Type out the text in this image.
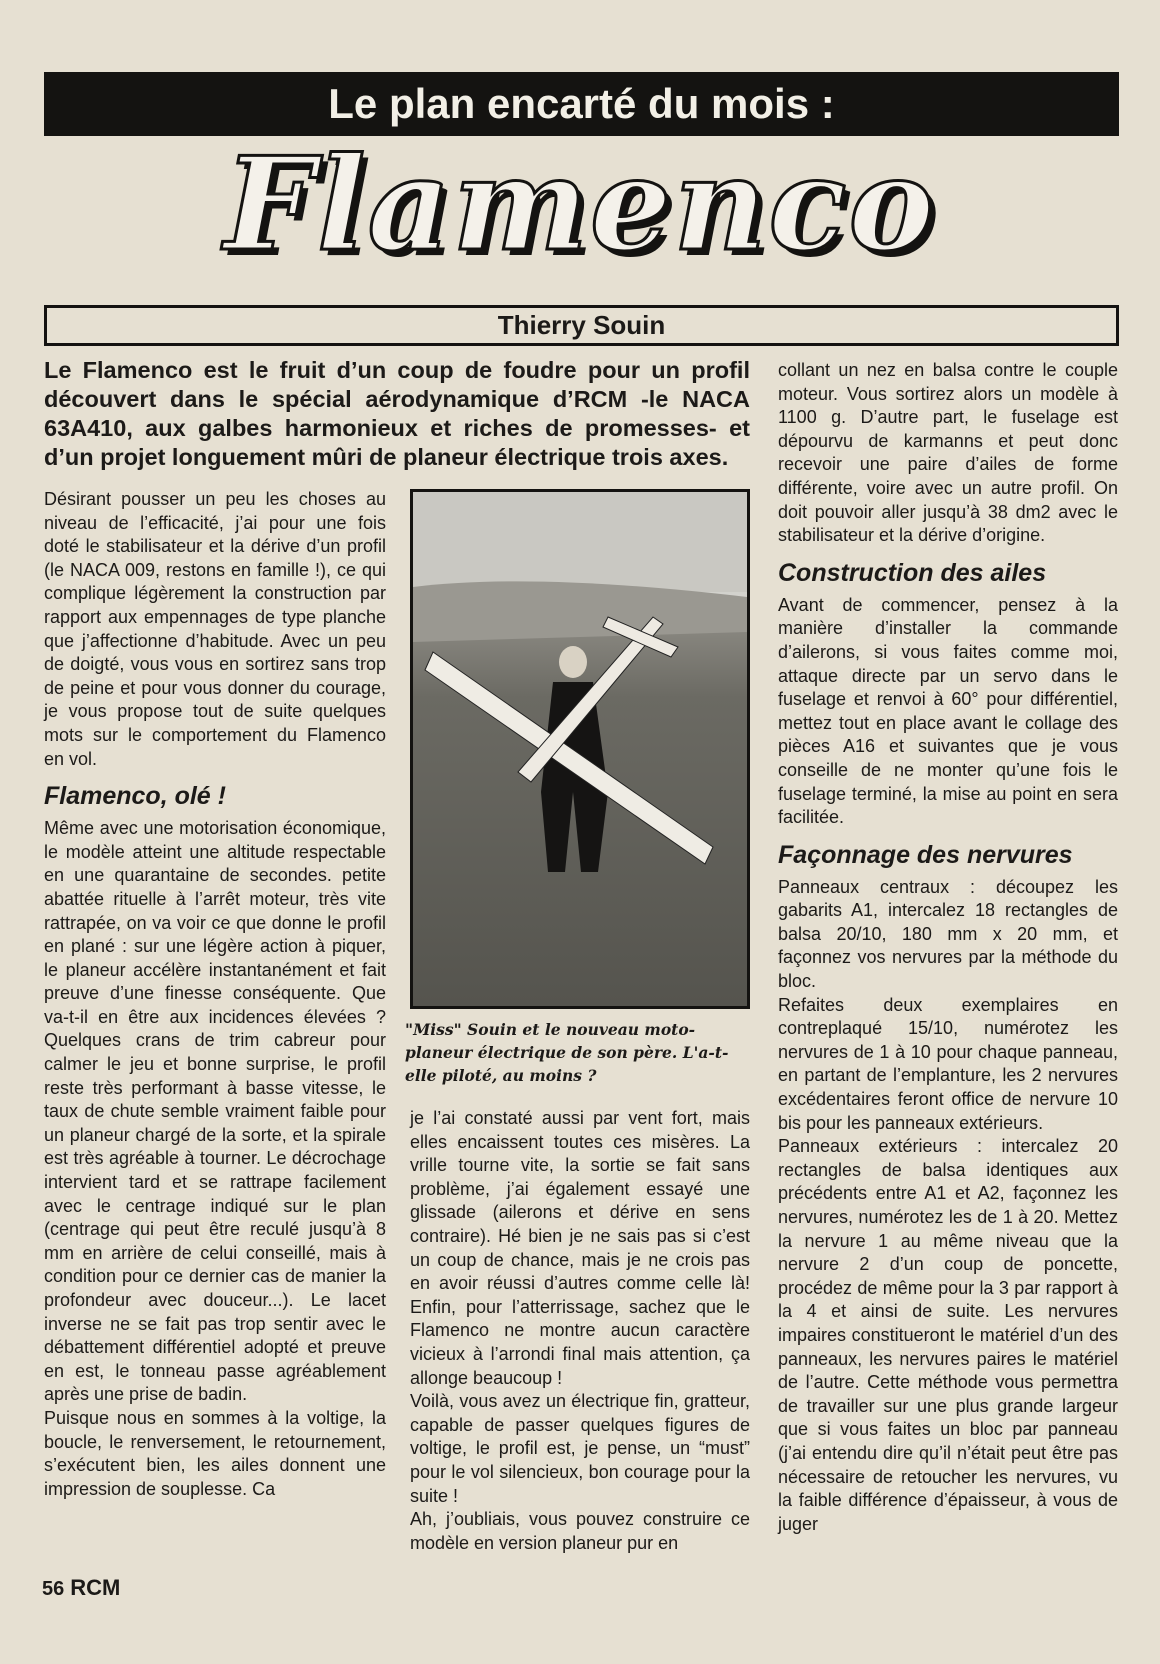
Le plan encarté du mois :
Flamenco
Thierry Souin
Le Flamenco est le fruit d’un coup de foudre pour un profil découvert dans le spécial aérodynamique d’RCM -le NACA 63A410, aux galbes harmonieux et riches de promesses- et d’un projet longuement mûri de planeur électrique trois axes.

Désirant pousser un peu les choses au niveau de l’efficacité, j’ai pour une fois doté le stabilisateur et la dérive d’un profil (le NACA 009, restons en famille !), ce qui complique légèrement la construction par rapport aux empennages de type planche que j’affectionne d’habitude. Avec un peu de doigté, vous vous en sortirez sans trop de peine et pour vous donner du courage, je vous propose tout de suite quelques mots sur le comportement du Flamenco en vol.

Flamenco, olé !

Même avec une motorisation économique, le modèle atteint une altitude respectable en une quarantaine de secondes. petite abattée rituelle à l’arrêt moteur, très vite rattrapée, on va voir ce que donne le profil en plané : sur une légère action à piquer, le planeur accélère instantanément et fait preuve d’une finesse conséquente. Que va-t-il en être aux incidences élevées ? Quelques crans de trim cabreur pour calmer le jeu et bonne surprise, le profil reste très performant à basse vitesse, le taux de chute semble vraiment faible pour un planeur chargé de la sorte, et la spirale est très agréable à tourner. Le décrochage intervient tard et se rattrape facilement avec le centrage indiqué sur le plan (centrage qui peut être reculé jusqu’à 8 mm en arrière de celui conseillé, mais à condition pour ce dernier cas de manier la profondeur avec douceur...). Le lacet inverse ne se fait pas trop sentir avec le débattement différentiel adopté et preuve en est, le tonneau passe agréablement après une prise de badin.

Puisque nous en sommes à la voltige, la boucle, le renversement, le retournement, s’exécutent bien, les ailes donnent une impression de souplesse. Ca

"Miss" Souin et le nouveau moto-planeur électrique de son père. L'a-t-elle piloté, au moins ?

je l’ai constaté aussi par vent fort, mais elles encaissent toutes ces misères. La vrille tourne vite, la sortie se fait sans problème, j’ai également essayé une glissade (ailerons et dérive en sens contraire). Hé bien je ne sais pas si c’est un coup de chance, mais je ne crois pas en avoir réussi d’autres comme celle là! Enfin, pour l’atterrissage, sachez que le Flamenco ne montre aucun caractère vicieux à l’arrondi final mais attention, ça allonge beaucoup !

Voilà, vous avez un électrique fin, gratteur, capable de passer quelques figures de voltige, le profil est, je pense, un “must” pour le vol silencieux, bon courage pour la suite !

Ah, j’oubliais, vous pouvez construire ce modèle en version planeur pur en

collant un nez en balsa contre le couple moteur. Vous sortirez alors un modèle à 1100 g. D’autre part, le fuselage est dépourvu de karmanns et peut donc recevoir une paire d’ailes de forme différente, voire avec un autre profil. On doit pouvoir aller jusqu’à 38 dm2 avec le stabilisateur et la dérive d’origine.

Construction des ailes

Avant de commencer, pensez à la manière d’installer la commande d’ailerons, si vous faites comme moi, attaque directe par un servo dans le fuselage et renvoi à 60° pour différentiel, mettez tout en place avant le collage des pièces A16 et suivantes que je vous conseille de ne monter qu’une fois le fuselage terminé, la mise au point en sera facilitée.

Façonnage des nervures

Panneaux centraux : découpez les gabarits A1, intercalez 18 rectangles de balsa 20/10, 180 mm x 20 mm, et façonnez vos nervures par la méthode du bloc.

Refaites deux exemplaires en contreplaqué 15/10, numérotez les nervures de 1 à 10 pour chaque panneau, en partant de l’emplanture, les 2 nervures excédentaires feront office de nervure 10 bis pour les panneaux extérieurs.

Panneaux extérieurs : intercalez 20 rectangles de balsa identiques aux précédents entre A1 et A2, façonnez les nervures, numérotez les de 1 à 20. Mettez la nervure 1 au même niveau que la nervure 2 d’un coup de poncette, procédez de même pour la 3 par rapport à la 4 et ainsi de suite. Les nervures impaires constitueront le matériel d’un des panneaux, les nervures paires le matériel de l’autre. Cette méthode vous permettra de travailler sur une plus grande largeur que si vous faites un bloc par panneau (j’ai entendu dire qu’il n’était peut être pas nécessaire de retoucher les nervures, vu la faible différence d’épaisseur, à vous de juger

56 RCM
